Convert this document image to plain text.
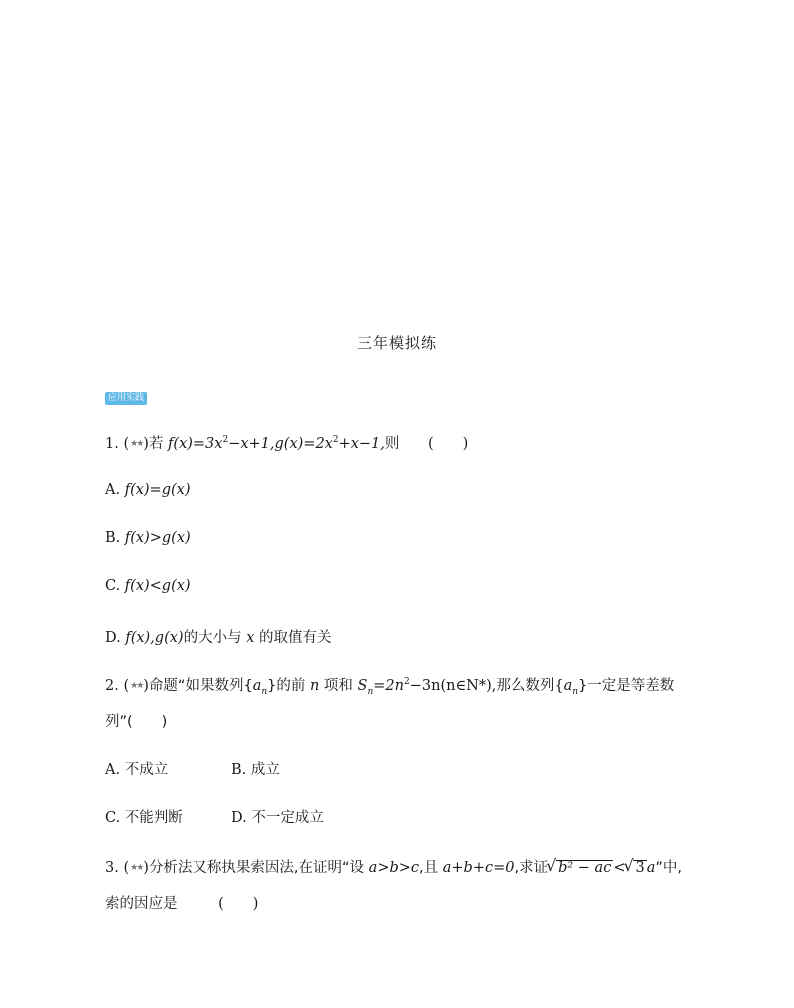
三年模拟练
应用实践
1. (★★)若 $f(x)=3x^2-x+1,g(x)=2x^2+x-1$,则 (　　)
A. f(x)=g(x)
B. f(x)>g(x)
C. f(x)<g(x)
D. f(x),g(x)的大小与 x 的取值有关
2. (★★)命题“如果数列$\{a_n\}$的前 n 项和 $S_n=2n^2-3n(n\in N*)$,那么数列$\{a_n\}$一定是等差数
列”(　　)
A. 不成立	B. 成立
C. 不能判断	D. 不一定成立
3. (★★)分析法又称执果索因法,在证明“设 a>b>c,且 a+b+c=0,求证 √ b² − ac < √ 3 a”中,
索的因应是	(　　)
